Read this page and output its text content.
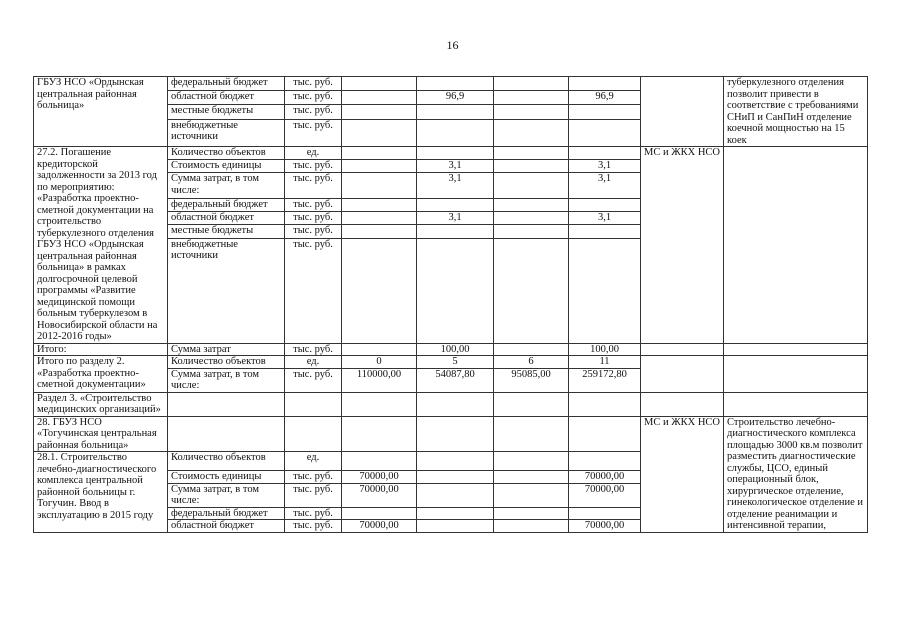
16
ГБУЗ НСО «Ордынская центральная районная больница»	федеральный бюджет	тыс. руб.						туберкулезного отделения позволит привести в соответствие с требованиями СНиП и СанПиН отделение коечной мощностью на 15 коек
	областной бюджет	тыс. руб.		96,9		96,9		
	местные бюджеты	тыс. руб.						
	внебюджетные источники	тыс. руб.						
27.2. Погашение кредиторской задолженности за 2013 год по мероприятию: «Разработка проектно-сметной документации на строительство туберкулезного отделения ГБУЗ НСО «Ордынская центральная районная больница» в рамках долгосрочной целевой программы «Развитие медицинской помощи больным туберкулезом в Новосибирской области на 2012-2016 годы»	Количество объектов	ед.					МС и ЖКХ НСО	
	Стоимость единицы	тыс. руб.		3,1		3,1		
	Сумма затрат, в том числе:	тыс. руб.		3,1		3,1		
	федеральный бюджет	тыс. руб.						
	областной бюджет	тыс. руб.		3,1		3,1		
	местные бюджеты	тыс. руб.						
	внебюджетные источники	тыс. руб.						
Итого:	Сумма затрат	тыс. руб.		100,00		100,00		
Итого по разделу 2. «Разработка проектно-сметной документации»	Количество объектов	ед.	0	5	6	11		
	Сумма затрат, в том числе:	тыс. руб.	110000,00	54087,80	95085,00	259172,80		
Раздел 3. «Строительство медицинских организаций»								
28. ГБУЗ НСО «Тогучинская центральная районная больница»							МС и ЖКХ НСО	Строительство лечебно-диагностического комплекса площадью 3000 кв.м позволит разместить диагностические службы, ЦСО, единый операционный блок, хирургическое отделение, гинекологическое отделение и отделение реанимации и интенсивной терапии,
28.1. Строительство лечебно-диагностического комплекса центральной районной больницы г. Тогучин. Ввод в эксплуатацию в 2015 году	Количество объектов	ед.						
	Стоимость единицы	тыс. руб.	70000,00			70000,00		
	Сумма затрат, в том числе:	тыс. руб.	70000,00			70000,00		
	федеральный бюджет	тыс. руб.						
	областной бюджет	тыс. руб.	70000,00			70000,00		
